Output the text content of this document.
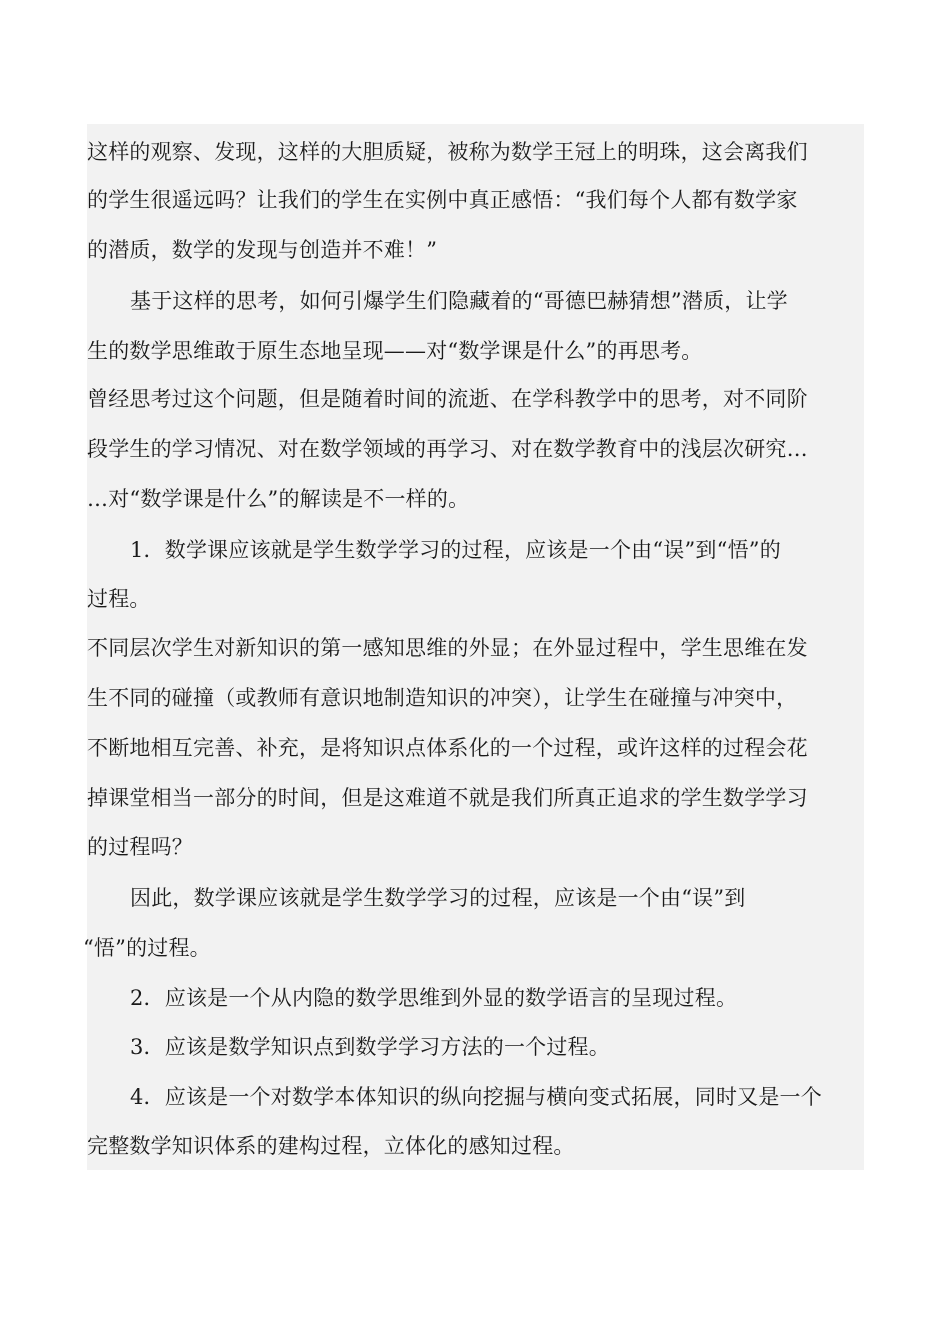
这样的观察、发现，这样的大胆质疑，被称为数学王冠上的明珠，这会离我们
的学生很遥远吗？让我们的学生在实例中真正感悟：“我们每个人都有数学家
的潜质，数学的发现与创造并不难！”
基于这样的思考，如何引爆学生们隐藏着的“哥德巴赫猜想”潜质，让学
生的数学思维敢于原生态地呈现——对“数学课是什么”的再思考。
曾经思考过这个问题，但是随着时间的流逝、在学科教学中的思考，对不同阶
段学生的学习情况、对在数学领域的再学习、对在数学教育中的浅层次研究…
…对“数学课是什么”的解读是不一样的。
1．数学课应该就是学生数学学习的过程，应该是一个由“误”到“悟”的
过程。
不同层次学生对新知识的第一感知思维的外显；在外显过程中，学生思维在发
生不同的碰撞（或教师有意识地制造知识的冲突），让学生在碰撞与冲突中，
不断地相互完善、补充，是将知识点体系化的一个过程，或许这样的过程会花
掉课堂相当一部分的时间，但是这难道不就是我们所真正追求的学生数学学习
的过程吗？
因此，数学课应该就是学生数学学习的过程，应该是一个由“误”到
“悟”的过程。
2．应该是一个从内隐的数学思维到外显的数学语言的呈现过程。
3．应该是数学知识点到数学学习方法的一个过程。
4．应该是一个对数学本体知识的纵向挖掘与横向变式拓展，同时又是一个
完整数学知识体系的建构过程，立体化的感知过程。
